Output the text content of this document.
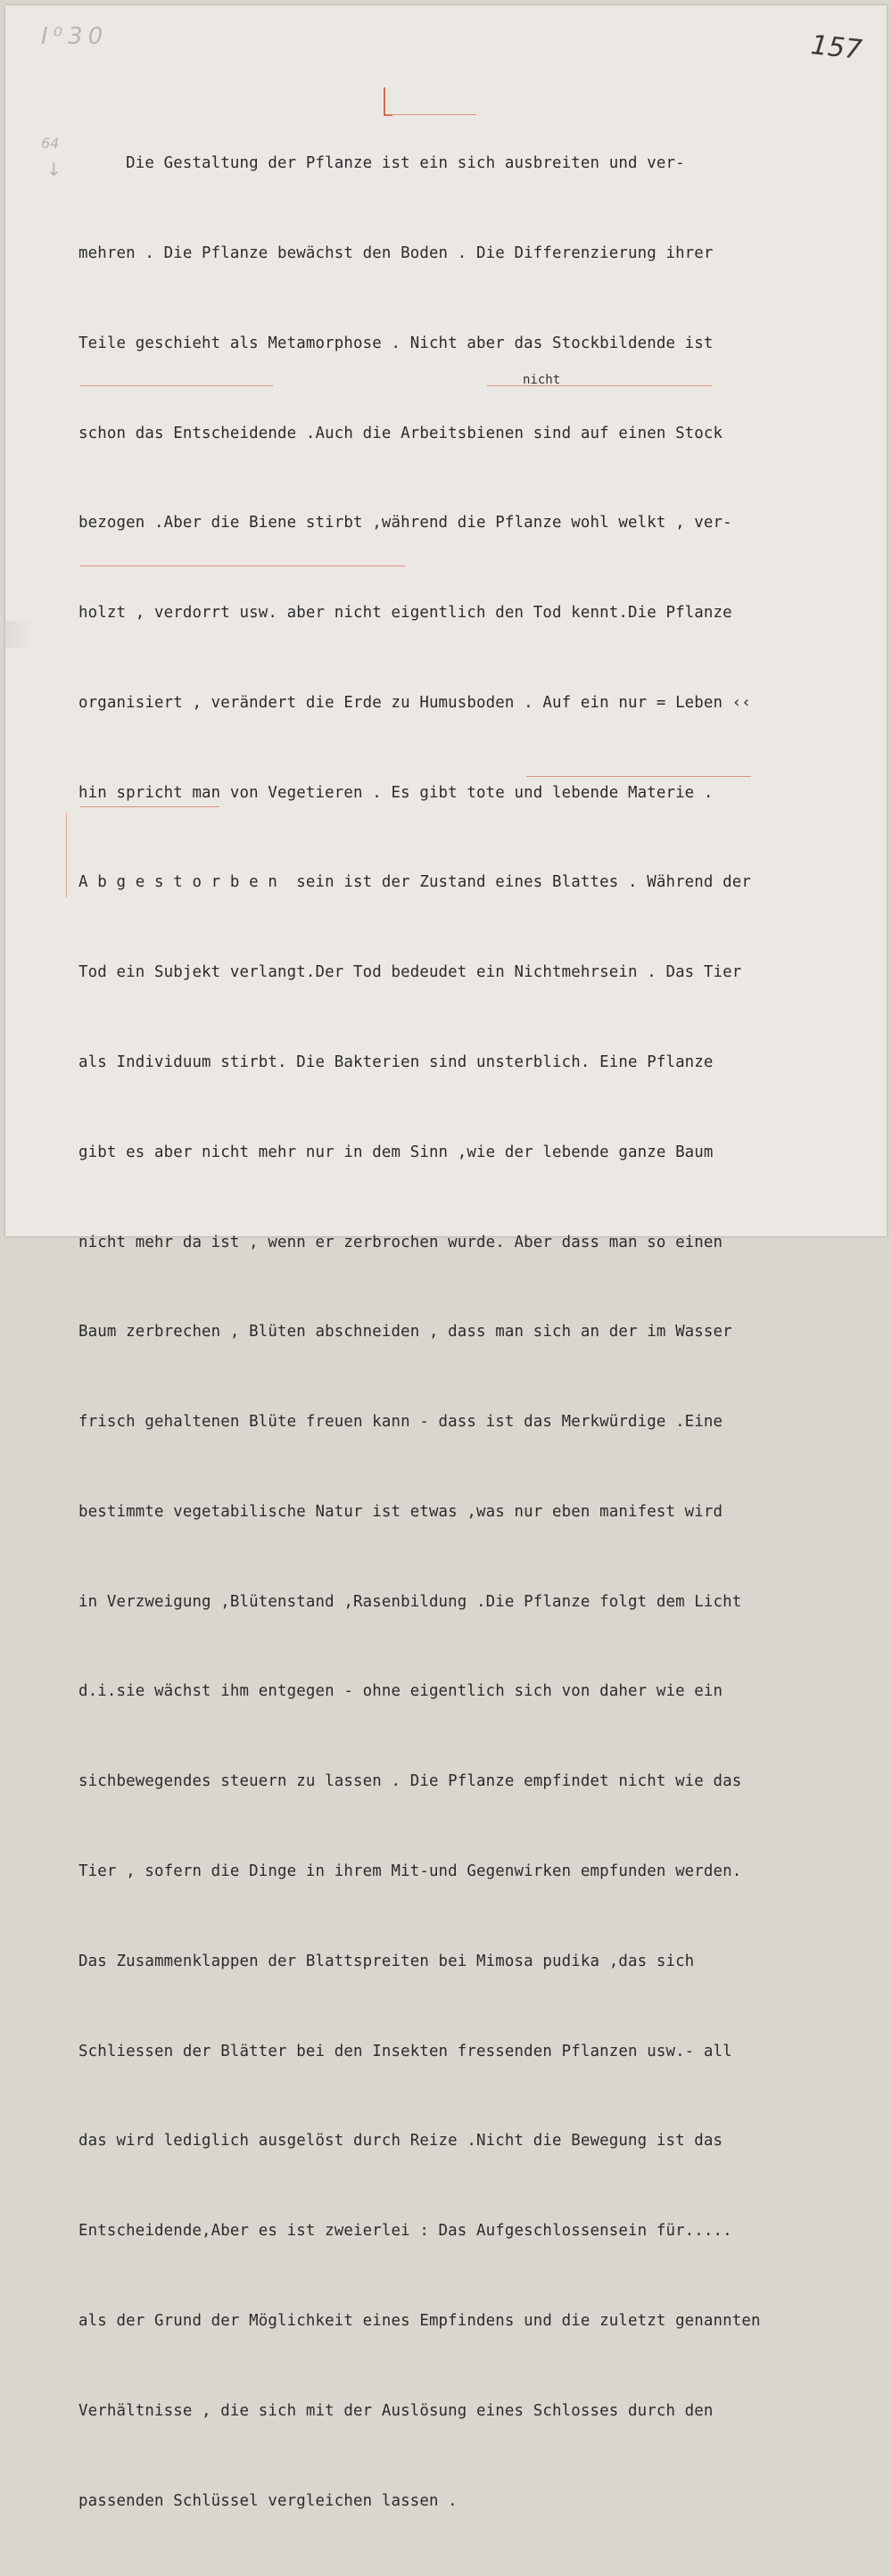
I⁰30	157
64
↓
nicht

Die Gestaltung der Pflanze ist ein sich ausbreiten und ver-

mehren . Die Pflanze bewächst den Boden . Die Differenzierung ihrer

Teile geschieht als Metamorphose . Nicht aber das Stockbildende ist

schon das Entscheidende .Auch die Arbeitsbienen sind auf einen Stock

bezogen .Aber die Biene stirbt ,während die Pflanze wohl welkt , ver-

holzt , verdorrt usw. aber nicht eigentlich den Tod kennt.Die Pflanze

organisiert , verändert die Erde zu Humusboden . Auf ein nur = Leben ‹‹

hin spricht man von Vegetieren . Es gibt tote und lebende Materie .

A b g e s t o r b e n  sein ist der Zustand eines Blattes . Während der

Tod ein Subjekt verlangt.Der Tod bedeudet ein Nichtmehrsein . Das Tier

als Individuum stirbt. Die Bakterien sind unsterblich. Eine Pflanze

gibt es aber nicht mehr nur in dem Sinn ,wie der lebende ganze Baum

nicht mehr da ist , wenn er zerbrochen wurde. Aber dass man so einen

Baum zerbrechen , Blüten abschneiden , dass man sich an der im Wasser

frisch gehaltenen Blüte freuen kann - dass ist das Merkwürdige .Eine

bestimmte vegetabilische Natur ist etwas ,was nur eben manifest wird

in Verzweigung ,Blütenstand ,Rasenbildung .Die Pflanze folgt dem Licht

d.i.sie wächst ihm entgegen - ohne eigentlich sich von daher wie ein

sichbewegendes steuern zu lassen . Die Pflanze empfindet nicht wie das

Tier , sofern die Dinge in ihrem Mit-und Gegenwirken empfunden werden.

Das Zusammenklappen der Blattspreiten bei Mimosa pudika ,das sich

Schliessen der Blätter bei den Insekten fressenden Pflanzen usw.- all

das wird lediglich ausgelöst durch Reize .Nicht die Bewegung ist das

Entscheidende,Aber es ist zweierlei : Das Aufgeschlossensein für.....

als der Grund der Möglichkeit eines Empfindens und die zuletzt genannten

Verhältnisse , die sich mit der Auslösung eines Schlosses durch den

passenden Schlüssel vergleichen lassen .
